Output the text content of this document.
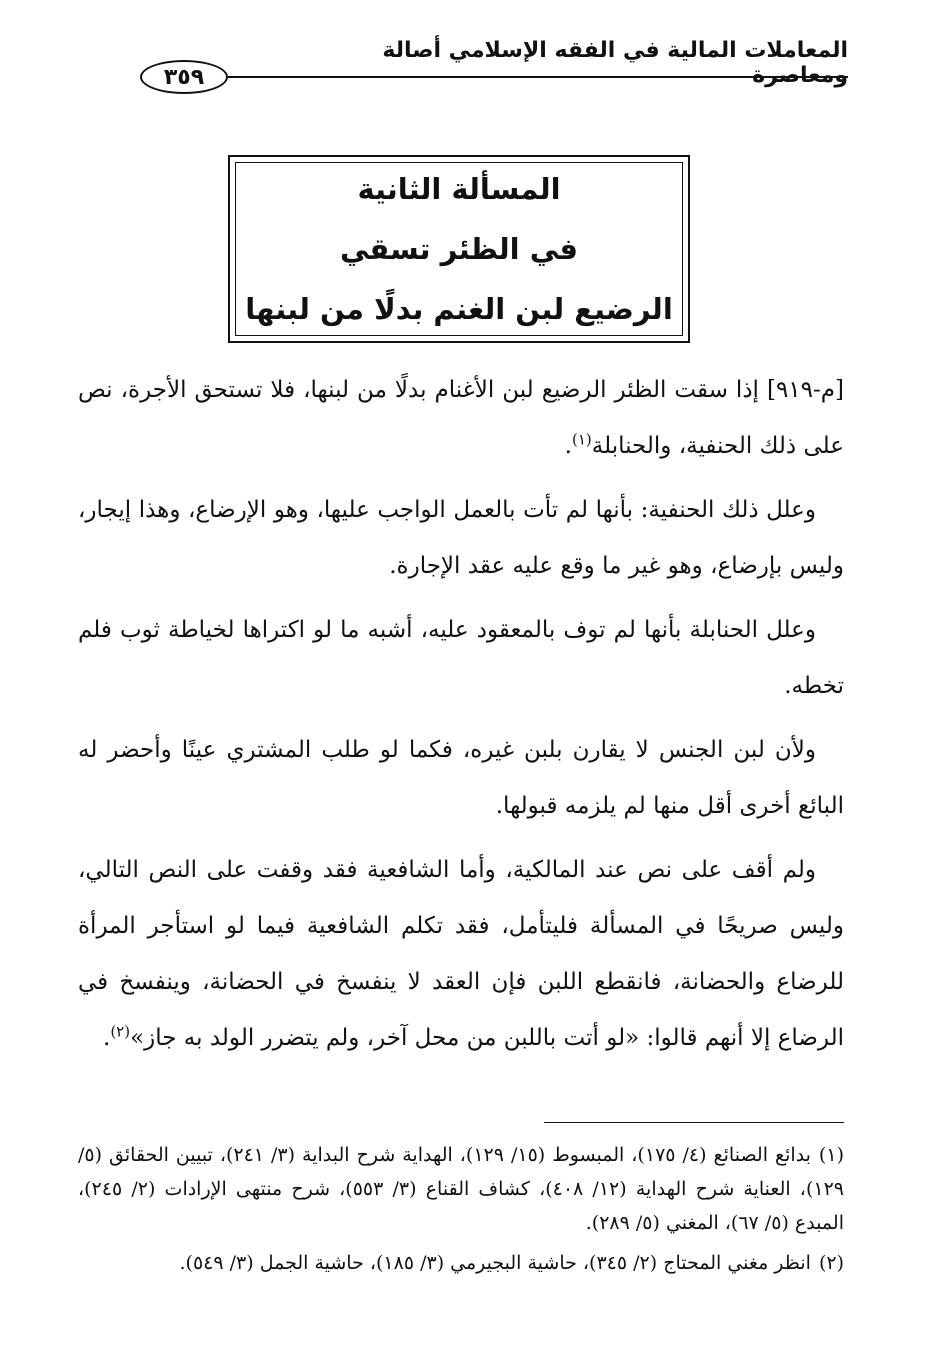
المعاملات المالية في الفقه الإسلامي أصالة ومعاصرة
٣٥٩
المسألة الثانية
في الظئر تسقي
الرضيع لبن الغنم بدلًا من لبنها

[م-٩١٩] إذا سقت الظئر الرضيع لبن الأغنام بدلًا من لبنها، فلا تستحق الأجرة، نص على ذلك الحنفية، والحنابلة$^{(١)}$.

وعلل ذلك الحنفية: بأنها لم تأت بالعمل الواجب عليها، وهو الإرضاع، وهذا إيجار، وليس بإرضاع، وهو غير ما وقع عليه عقد الإجارة.

وعلل الحنابلة بأنها لم توف بالمعقود عليه، أشبه ما لو اكتراها لخياطة ثوب فلم تخطه.

ولأن لبن الجنس لا يقارن بلبن غيره، فكما لو طلب المشتري عينًا وأحضر له البائع أخرى أقل منها لم يلزمه قبولها.

ولم أقف على نص عند المالكية، وأما الشافعية فقد وقفت على النص التالي، وليس صريحًا في المسألة فليتأمل، فقد تكلم الشافعية فيما لو استأجر المرأة للرضاع والحضانة، فانقطع اللبن فإن العقد لا ينفسخ في الحضانة، وينفسخ في الرضاع إلا أنهم قالوا: «لو أتت باللبن من محل آخر، ولم يتضرر الولد به جاز»$^{(٢)}$.

(١)بدائع الصنائع (٤/ ١٧٥)، المبسوط (١٥/ ١٢٩)، الهداية شرح البداية (٣/ ٢٤١)، تبيين الحقائق (٥/ ١٢٩)، العناية شرح الهداية (١٢/ ٤٠٨)، كشاف القناع (٣/ ٥٥٣)، شرح منتهى الإرادات (٢/ ٢٤٥)، المبدع (٥/ ٦٧)، المغني (٥/ ٢٨٩).

(٢)انظر مغني المحتاج (٢/ ٣٤٥)، حاشية البجيرمي (٣/ ١٨٥)، حاشية الجمل (٣/ ٥٤٩).
